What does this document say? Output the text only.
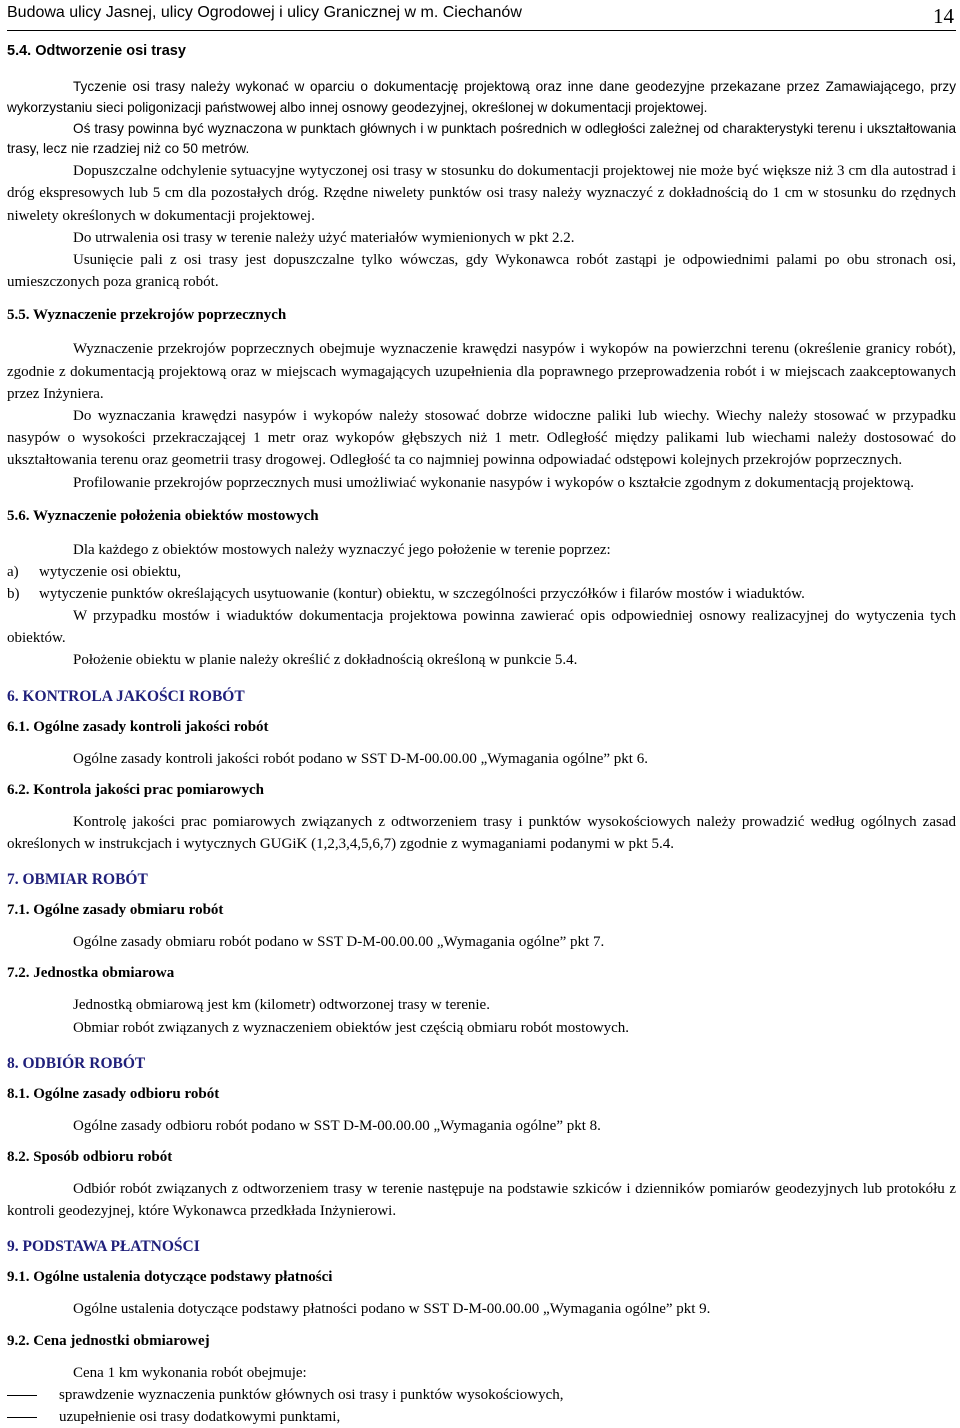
Budowa ulicy Jasnej, ulicy Ogrodowej i ulicy Granicznej w m. Ciechanów	14
5.4. Odtworzenie osi trasy

Tyczenie osi trasy należy wykonać w oparciu o dokumentację projektową oraz inne dane geodezyjne przekazane przez Zamawiającego, przy wykorzystaniu sieci poligonizacji państwowej albo innej osnowy geodezyjnej, określonej w dokumentacji projektowej.

Oś trasy powinna być wyznaczona w punktach głównych i w punktach pośrednich w odległości zależnej od charakterystyki terenu i ukształtowania trasy, lecz nie rzadziej niż co 50 metrów.

Dopuszczalne odchylenie sytuacyjne wytyczonej osi trasy w stosunku do dokumentacji projektowej nie może być większe niż 3 cm dla autostrad i dróg ekspresowych lub 5 cm dla pozostałych dróg. Rzędne niwelety punktów osi trasy należy wyznaczyć z dokładnością do 1 cm w stosunku do rzędnych niwelety określonych w dokumentacji projektowej.

Do utrwalenia osi trasy w terenie należy użyć materiałów wymienionych w pkt 2.2.

Usunięcie pali z osi trasy jest dopuszczalne tylko wówczas, gdy Wykonawca robót zastąpi je odpowiednimi palami po obu stronach osi, umieszczonych poza granicą robót.

5.5. Wyznaczenie przekrojów poprzecznych

Wyznaczenie przekrojów poprzecznych obejmuje wyznaczenie krawędzi nasypów i wykopów na powierzchni terenu (określenie granicy robót), zgodnie z dokumentacją projektową oraz w miejscach wymagających uzupełnienia dla poprawnego przeprowadzenia robót i w miejscach zaakceptowanych przez Inżyniera.

Do wyznaczania krawędzi nasypów i wykopów należy stosować dobrze widoczne paliki lub wiechy. Wiechy należy stosować w przypadku nasypów o wysokości przekraczającej 1 metr oraz wykopów głębszych niż 1 metr. Odległość między palikami lub wiechami należy dostosować do ukształtowania terenu oraz geometrii trasy drogowej. Odległość ta co najmniej powinna odpowiadać odstępowi kolejnych przekrojów poprzecznych.

Profilowanie przekrojów poprzecznych musi umożliwiać wykonanie nasypów i wykopów o kształcie zgodnym z dokumentacją projektową.

5.6. Wyznaczenie położenia obiektów mostowych

Dla każdego z obiektów mostowych należy wyznaczyć jego położenie w terenie poprzez:

a) wytyczenie osi obiektu,
b) wytyczenie punktów określających usytuowanie (kontur) obiektu, w szczególności przyczółków i filarów mostów i wiaduktów.

W przypadku mostów i wiaduktów dokumentacja projektowa powinna zawierać opis odpowiedniej osnowy realizacyjnej do wytyczenia tych obiektów.

Położenie obiektu w planie należy określić z dokładnością określoną w punkcie 5.4.

6. KONTROLA JAKOŚCI ROBÓT

6.1. Ogólne zasady kontroli jakości robót

Ogólne zasady kontroli jakości robót podano w SST D-M-00.00.00 „Wymagania ogólne” pkt 6.

6.2. Kontrola jakości prac pomiarowych

Kontrolę jakości prac pomiarowych związanych z odtworzeniem trasy i punktów wysokościowych należy prowadzić według ogólnych zasad określonych w instrukcjach i wytycznych GUGiK (1,2,3,4,5,6,7) zgodnie z wymaganiami podanymi w pkt 5.4.

7. OBMIAR ROBÓT

7.1. Ogólne zasady obmiaru robót

Ogólne zasady obmiaru robót podano w SST D-M-00.00.00 „Wymagania ogólne” pkt 7.

7.2. Jednostka obmiarowa

Jednostką obmiarową jest km (kilometr) odtworzonej trasy w terenie.

Obmiar robót związanych z wyznaczeniem obiektów jest częścią obmiaru robót mostowych.

8. ODBIÓR ROBÓT

8.1. Ogólne zasady odbioru robót

Ogólne zasady odbioru robót podano w SST D-M-00.00.00 „Wymagania ogólne” pkt 8.

8.2. Sposób odbioru robót

Odbiór robót związanych z odtworzeniem trasy w terenie następuje na podstawie szkiców i dzienników pomiarów geodezyjnych lub protokółu z kontroli geodezyjnej, które Wykonawca przedkłada Inżynierowi.

9. PODSTAWA PŁATNOŚCI

9.1. Ogólne ustalenia dotyczące podstawy płatności

Ogólne ustalenia dotyczące podstawy płatności podano w SST D-M-00.00.00 „Wymagania ogólne” pkt 9.

9.2. Cena jednostki obmiarowej

Cena 1 km wykonania robót obejmuje:

sprawdzenie wyznaczenia punktów głównych osi trasy i punktów wysokościowych,
uzupełnienie osi trasy dodatkowymi punktami,
